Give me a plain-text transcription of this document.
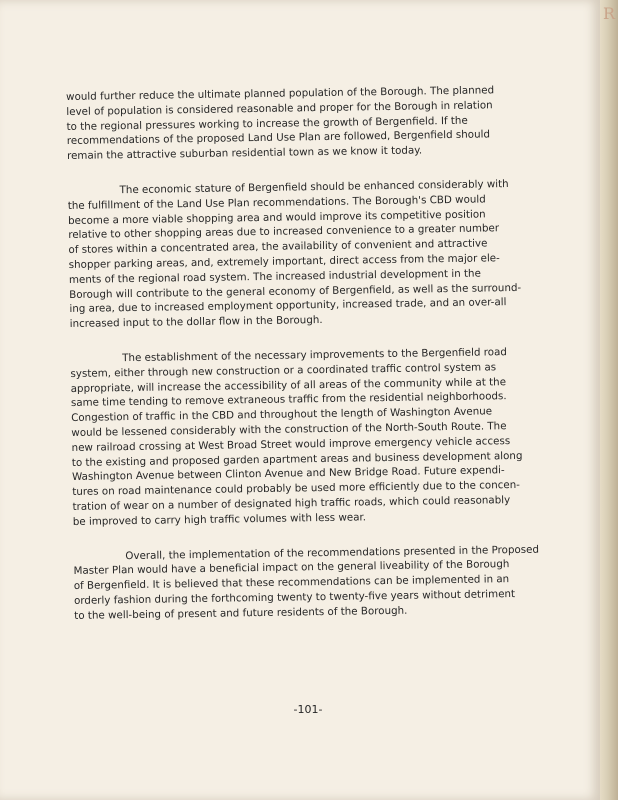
R
would further reduce the ultimate planned population of the Borough. The planned
level of population is considered reasonable and proper for the Borough in relation
to the regional pressures working to increase the growth of Bergenfield. If the
recommendations of the proposed Land Use Plan are followed, Bergenfield should
remain the attractive suburban residential town as we know it today.
The economic stature of Bergenfield should be enhanced considerably with
the fulfillment of the Land Use Plan recommendations. The Borough's CBD would
become a more viable shopping area and would improve its competitive position
relative to other shopping areas due to increased convenience to a greater number
of stores within a concentrated area, the availability of convenient and attractive
shopper parking areas, and, extremely important, direct access from the major ele-
ments of the regional road system. The increased industrial development in the
Borough will contribute to the general economy of Bergenfield, as well as the surround-
ing area, due to increased employment opportunity, increased trade, and an over-all
increased input to the dollar flow in the Borough.
The establishment of the necessary improvements to the Bergenfield road
system, either through new construction or a coordinated traffic control system as
appropriate, will increase the accessibility of all areas of the community while at the
same time tending to remove extraneous traffic from the residential neighborhoods.
Congestion of traffic in the CBD and throughout the length of Washington Avenue
would be lessened considerably with the construction of the North-South Route. The
new railroad crossing at West Broad Street would improve emergency vehicle access
to the existing and proposed garden apartment areas and business development along
Washington Avenue between Clinton Avenue and New Bridge Road. Future expendi-
tures on road maintenance could probably be used more efficiently due to the concen-
tration of wear on a number of designated high traffic roads, which could reasonably
be improved to carry high traffic volumes with less wear.
Overall, the implementation of the recommendations presented in the Proposed
Master Plan would have a beneficial impact on the general liveability of the Borough
of Bergenfield. It is believed that these recommendations can be implemented in an
orderly fashion during the forthcoming twenty to twenty-five years without detriment
to the well-being of present and future residents of the Borough.
-101-
